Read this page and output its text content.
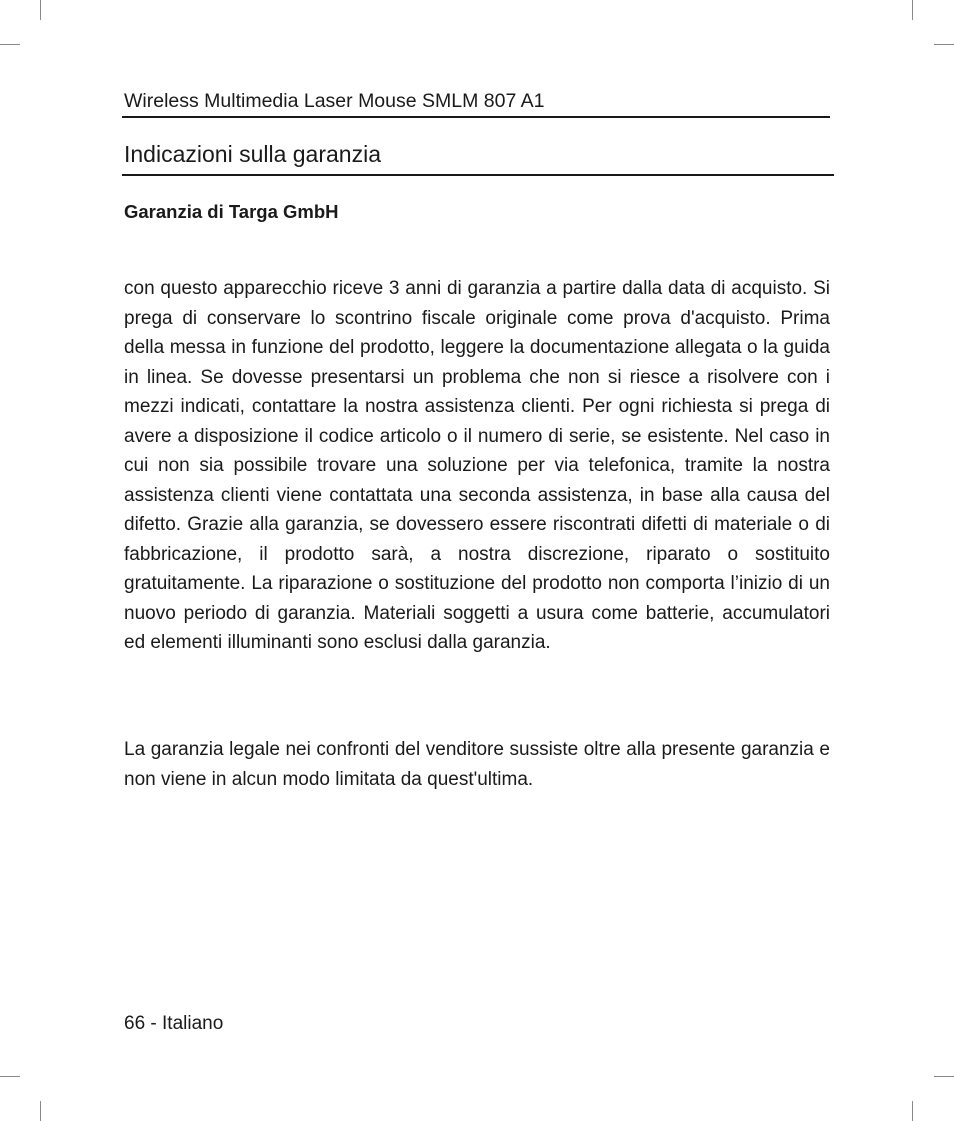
Wireless Multimedia Laser Mouse SMLM 807 A1
Indicazioni sulla garanzia
Garanzia di Targa GmbH

con questo apparecchio riceve 3 anni di garanzia a partire dalla data di acquisto. Si prega di conservare lo scontrino fiscale originale come prova d'acquisto. Prima della messa in funzione del prodotto, leggere la documentazione allegata o la guida in linea. Se dovesse presentarsi un problema che non si riesce a risolvere con i mezzi indicati, contattare la nostra assistenza clienti. Per ogni richiesta si prega di avere a disposizione il codice articolo o il numero di serie, se esistente. Nel caso in cui non sia possibile trovare una soluzione per via telefonica, tramite la nostra assistenza clienti viene contattata una seconda assistenza, in base alla causa del difetto. Grazie alla garanzia, se dovessero essere riscontrati difetti di materiale o di fabbricazione, il prodotto sarà, a nostra discrezione, riparato o sostituito gratuitamente. La riparazione o sostituzione del prodotto non comporta l’inizio di un nuovo periodo di garanzia. Materiali soggetti a usura come batterie, accumulatori ed elementi illuminanti sono esclusi dalla garanzia.

La garanzia legale nei confronti del venditore sussiste oltre alla presente garanzia e non viene in alcun modo limitata da quest'ultima.

66 - Italiano
